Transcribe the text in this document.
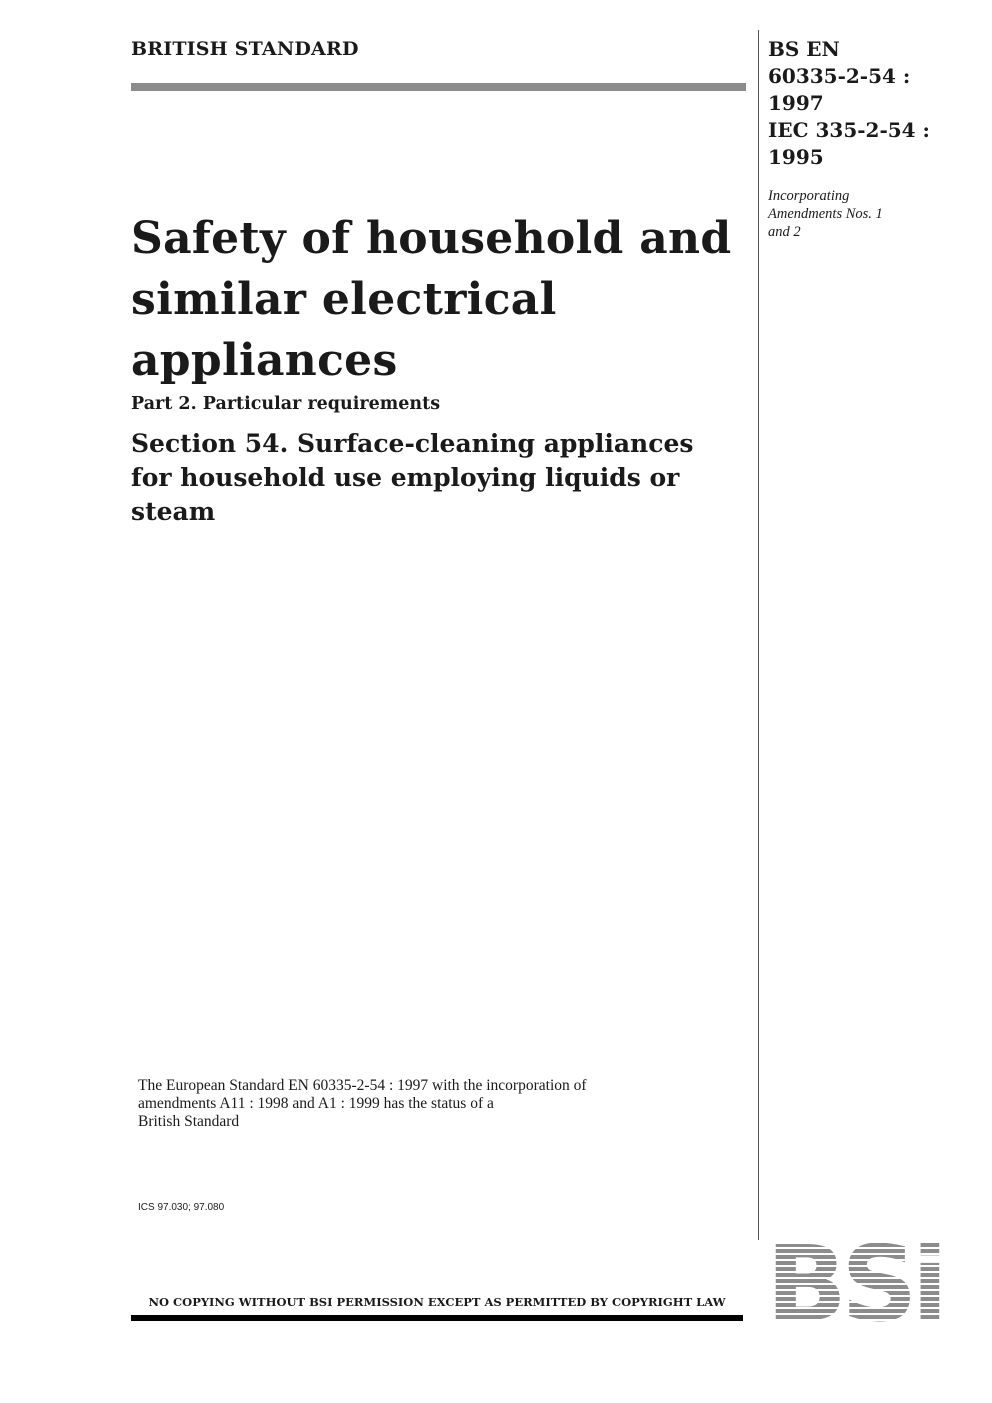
BRITISH STANDARD	BS EN
60335-2-54 :
1997
IEC 335-2-54 :
1995
Incorporating
Amendments Nos. 1
and 2
Safety of household and
similar electrical
appliances
Part 2. Particular requirements
Section 54. Surface-cleaning appliances
for household use employing liquids or
steam
The European Standard EN 60335-2-54 : 1997 with the incorporation of
amendments A11 : 1998 and A1 : 1999 has the status of a
British Standard
ICS 97.030; 97.080
NO COPYING WITHOUT BSI PERMISSION EXCEPT AS PERMITTED BY COPYRIGHT LAW BSi
